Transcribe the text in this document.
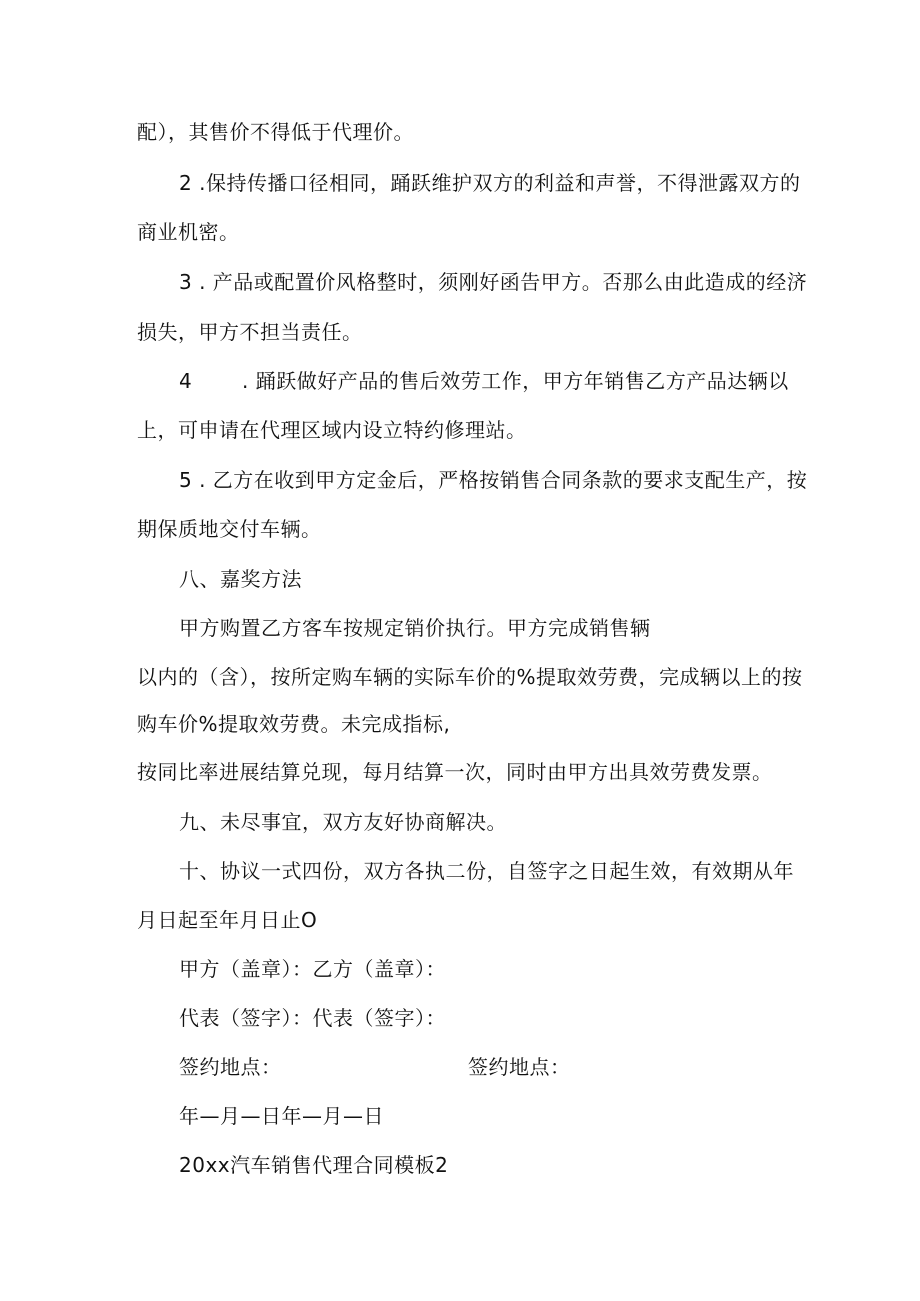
配），其售价不得低于代理价。
2 .保持传播口径相同，踊跃维护双方的利益和声誉，不得泄露双方的
商业机密。
3 . 产品或配置价风格整时，须刚好函告甲方。否那么由此造成的经济
损失，甲方不担当责任。
4 . 踊跃做好产品的售后效劳工作，甲方年销售乙方产品达辆以
上，可申请在代理区域内设立特约修理站。
5 . 乙方在收到甲方定金后，严格按销售合同条款的要求支配生产，按
期保质地交付车辆。
八、嘉奖方法
甲方购置乙方客车按规定销价执行。甲方完成销售辆
以内的（含），按所定购车辆的实际车价的%提取效劳费，完成辆以上的按
购车价%提取效劳费。未完成指标,
按同比率进展结算兑现，每月结算一次，同时由甲方出具效劳费发票。
九、未尽事宜，双方友好协商解决。
十、协议一式四份，双方各执二份，自签字之日起生效，有效期从年
月日起至年月日止O
甲方（盖章）：乙方（盖章）：
代表（签字）：代表（签字）：
签约地点：	签约地点：
年—月—日年—月—日
20xx汽车销售代理合同模板2
